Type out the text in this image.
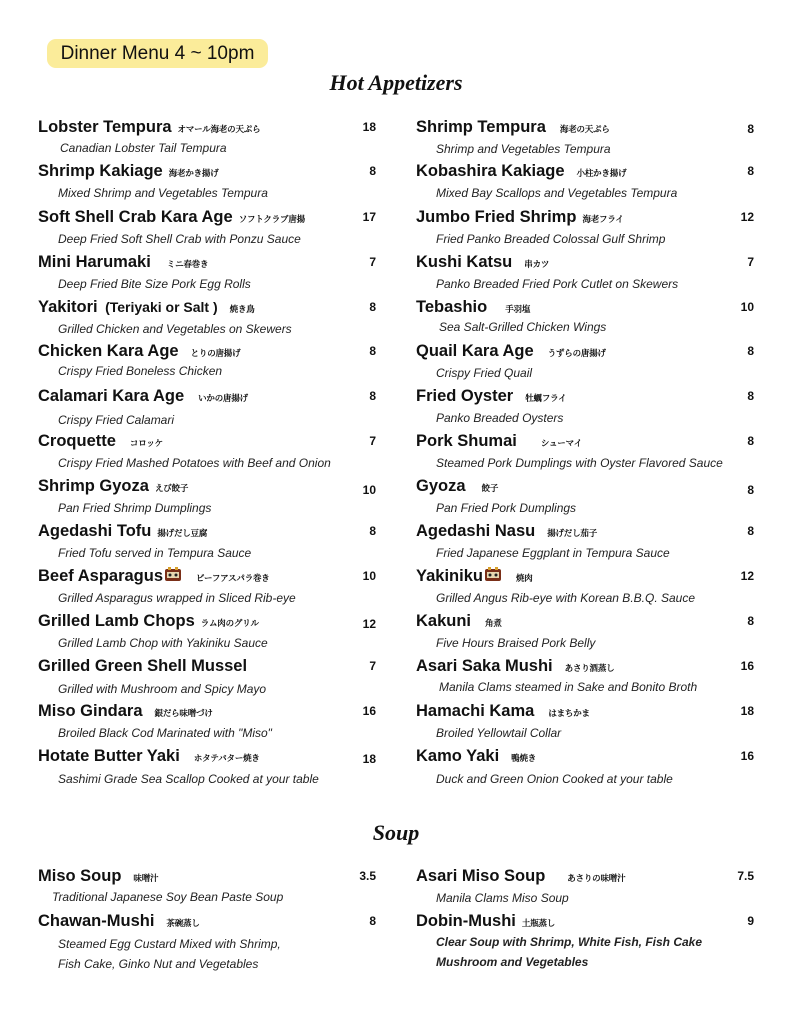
Dinner Menu 4 ~ 10pm
Hot Appetizers
Lobster Tempura オマール海老の天ぷら	18
Canadian Lobster Tail Tempura
Shrimp Kakiage 海老かき揚げ	8
Mixed Shrimp and Vegetables Tempura
Soft Shell Crab Kara Age ソフトクラブ唐揚	17
Deep Fried Soft Shell Crab with Ponzu Sauce
Mini Harumaki ミニ春巻き	7
Deep Fried Bite Size Pork Egg Rolls
Yakitori (Teriyaki or Salt ) 焼き鳥	8
Grilled Chicken and Vegetables on Skewers
Chicken Kara Age とりの唐揚げ	8
Crispy Fried Boneless Chicken
Calamari Kara Age いかの唐揚げ	8
Crispy Fried Calamari
Croquette コロッケ	7
Crispy Fried Mashed Potatoes with Beef and Onion
Shrimp Gyoza えび餃子	10
Pan Fried Shrimp Dumplings
Agedashi Tofu 揚げだし豆腐	8
Fried Tofu served in Tempura Sauce
Beef Asparagus	ビーフアスパラ巻き	10
Grilled Asparagus wrapped in Sliced Rib-eye
Grilled Lamb Chops ラム肉のグリル	12
Grilled Lamb Chop with Yakiniku Sauce
Grilled Green Shell Mussel	7
Grilled with Mushroom and Spicy Mayo
Miso Gindara 銀だら味噌づけ	16
Broiled Black Cod Marinated with "Miso"
Hotate Butter Yaki ホタテバター焼き	18
Sashimi Grade Sea Scallop Cooked at your table
Shrimp Tempura 海老の天ぷら	8
Shrimp and Vegetables Tempura
Kobashira Kakiage 小柱かき揚げ	8
Mixed Bay Scallops and Vegetables Tempura
Jumbo Fried Shrimp 海老フライ	12
Fried Panko Breaded Colossal Gulf Shrimp
Kushi Katsu 串カツ	7
Panko Breaded Fried Pork Cutlet on Skewers
Tebashio 手羽塩	10
Sea Salt-Grilled Chicken Wings
Quail Kara Age うずらの唐揚げ	8
Crispy Fried Quail
Fried Oyster 牡蠣フライ	8
Panko Breaded Oysters
Pork Shumai	シューマイ	8
Steamed Pork Dumplings with Oyster Flavored Sauce
Gyoza 餃子	8
Pan Fried Pork Dumplings
Agedashi Nasu 揚げだし茄子	8
Fried Japanese Eggplant in Tempura Sauce
Yakiniku	焼肉	12
Grilled Angus Rib-eye with Korean B.B.Q. Sauce
Kakuni 角煮	8
Five Hours Braised Pork Belly
Asari Saka Mushi あさり酒蒸し	16
Manila Clams steamed in Sake and Bonito Broth
Hamachi Kama はまちかま	18
Broiled Yellowtail Collar
Kamo Yaki 鴨焼き	16
Duck and Green Onion Cooked at your table
Soup
Miso Soup 味噌汁	3.5
Traditional Japanese Soy Bean Paste Soup
Chawan-Mushi 茶碗蒸し	8
Steamed Egg Custard Mixed with Shrimp,
Fish Cake, Ginko Nut and Vegetables
Asari Miso Soup	あさりの味噌汁	7.5
Manila Clams Miso Soup
Dobin-Mushi 土瓶蒸し	9
Clear Soup with Shrimp, White Fish, Fish Cake
Mushroom and Vegetables
